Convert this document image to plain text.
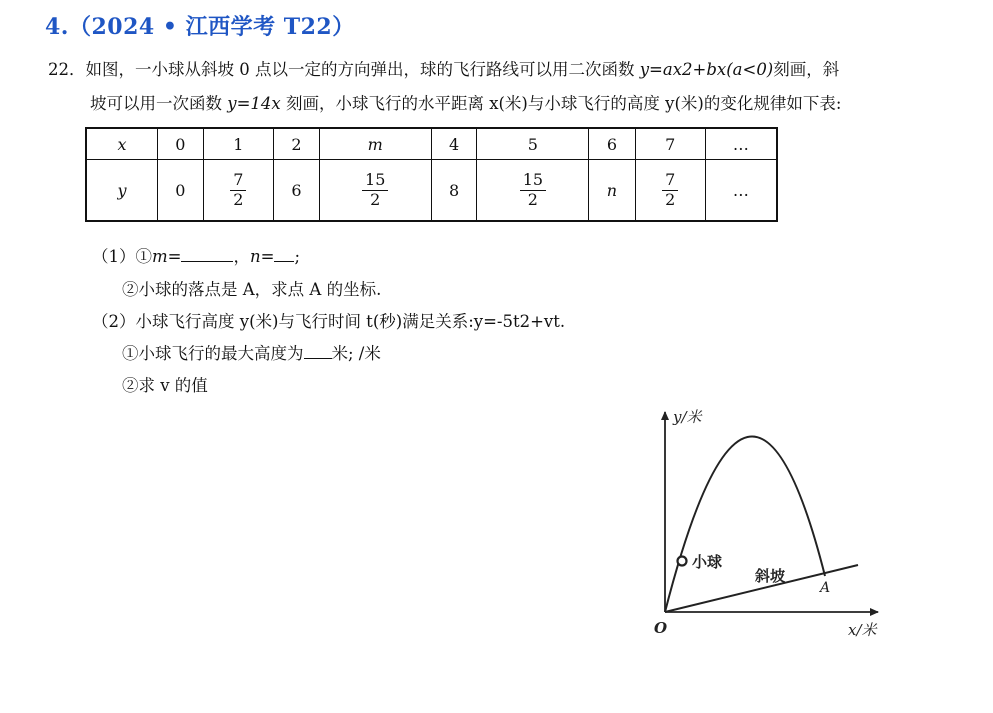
4.（2024 • 江西学考 T22）
22．如图，一小球从斜坡 0 点以一定的方向弹出，球的飞行路线可以用二次函数 y=ax2+bx(a<0)刻画，斜
坡可以用一次函数 y=14x 刻画，小球飞行的水平距离 x(米)与小球飞行的高度 y(米)的变化规律如下表:
x	0	1	2	m	4	5	6	7	…
y	0	$\frac{7}{2}$	6	$\frac{15}{2}$	8	$\frac{15}{2}$	n	$\frac{7}{2}$	…
（1）①m=	，n= ;
②小球的落点是 A，求点 A 的坐标.
（2）小球飞行高度 y(米)与飞行时间 t(秒)满足关系:y=-5t2+vt.
①小球飞行的最大高度为 米; /米
②求 v 的值
y/米
x/米
O
小球
斜坡
A
